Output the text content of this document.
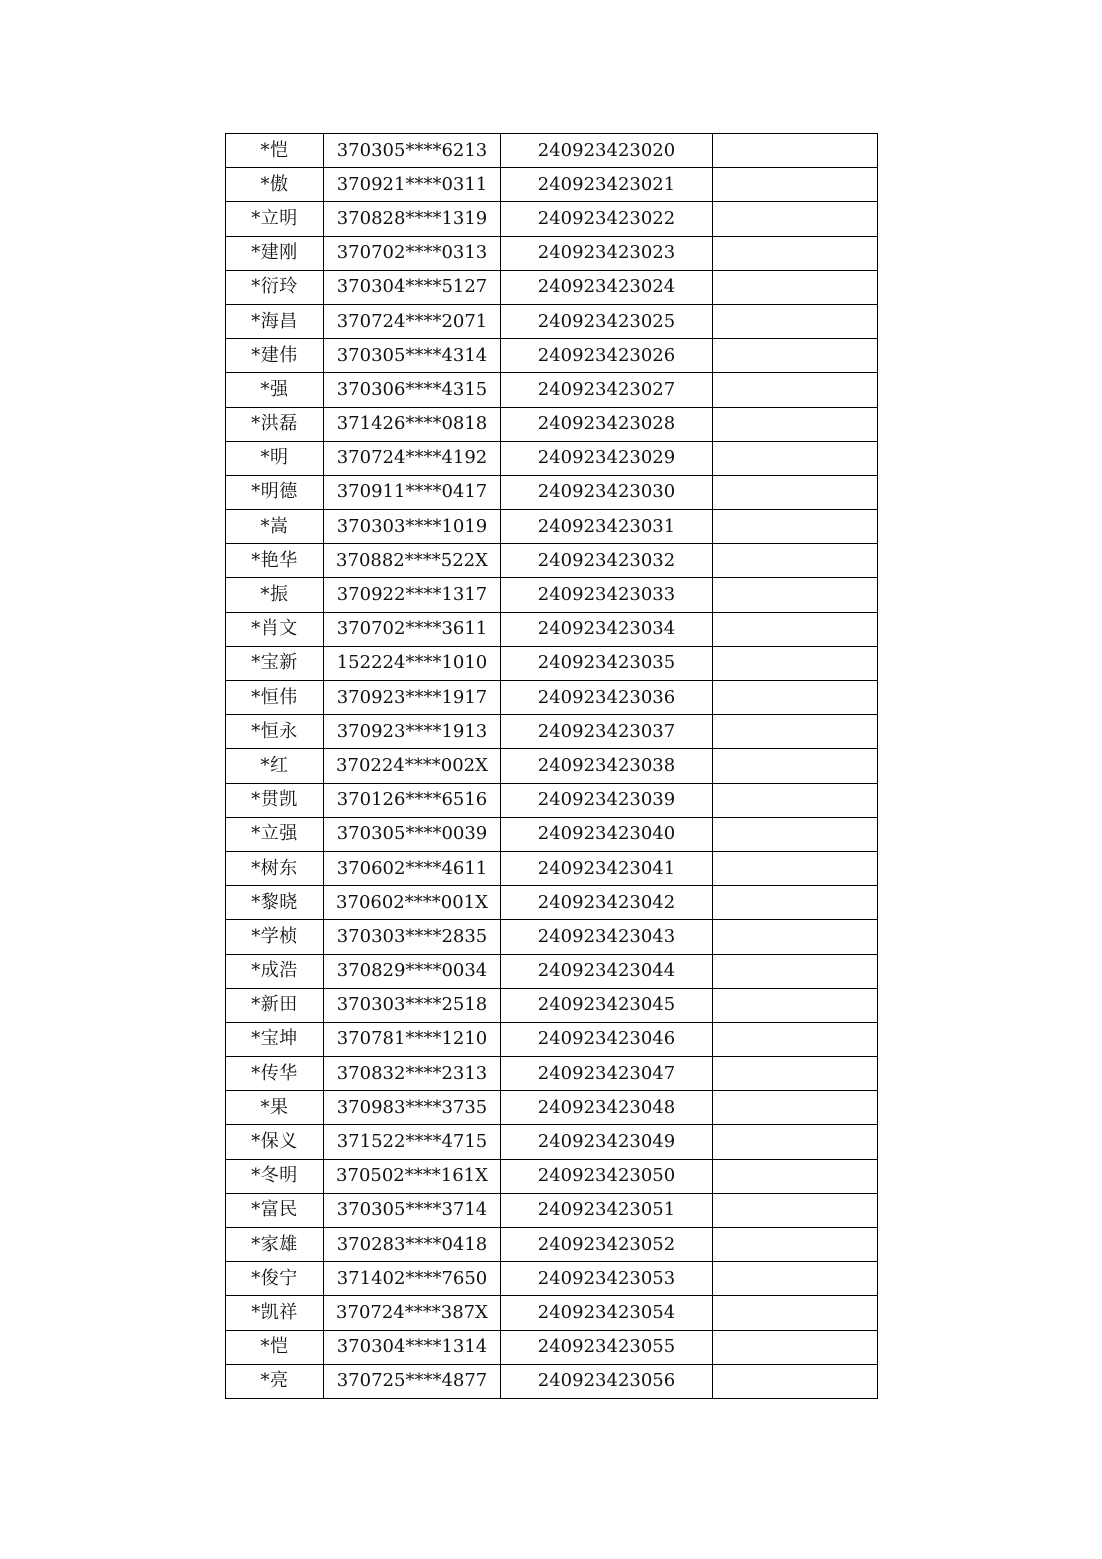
*恺	370305****6213	240923423020	
*傲	370921****0311	240923423021	
*立明	370828****1319	240923423022	
*建刚	370702****0313	240923423023	
*衍玲	370304****5127	240923423024	
*海昌	370724****2071	240923423025	
*建伟	370305****4314	240923423026	
*强	370306****4315	240923423027	
*洪磊	371426****0818	240923423028	
*明	370724****4192	240923423029	
*明德	370911****0417	240923423030	
*嵩	370303****1019	240923423031	
*艳华	370882****522X	240923423032	
*振	370922****1317	240923423033	
*肖文	370702****3611	240923423034	
*宝新	152224****1010	240923423035	
*恒伟	370923****1917	240923423036	
*恒永	370923****1913	240923423037	
*红	370224****002X	240923423038	
*贯凯	370126****6516	240923423039	
*立强	370305****0039	240923423040	
*树东	370602****4611	240923423041	
*黎晓	370602****001X	240923423042	
*学桢	370303****2835	240923423043	
*成浩	370829****0034	240923423044	
*新田	370303****2518	240923423045	
*宝坤	370781****1210	240923423046	
*传华	370832****2313	240923423047	
*果	370983****3735	240923423048	
*保义	371522****4715	240923423049	
*冬明	370502****161X	240923423050	
*富民	370305****3714	240923423051	
*家雄	370283****0418	240923423052	
*俊宁	371402****7650	240923423053	
*凯祥	370724****387X	240923423054	
*恺	370304****1314	240923423055	
*亮	370725****4877	240923423056	
